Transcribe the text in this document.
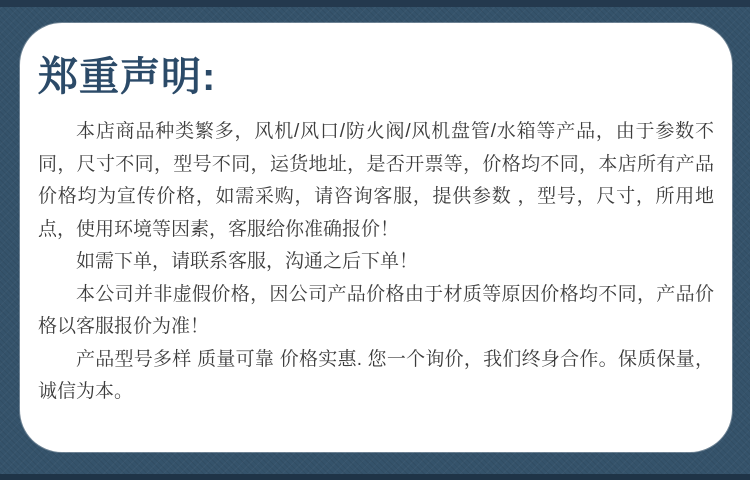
郑重声明:

本店商品种类繁多，风机/风口/防火阀/风机盘管/水箱等产品，由于参数不同，尺寸不同，型号不同，运货地址，是否开票等，价格均不同，本店所有产品价格均为宣传价格，如需采购，请咨询客服，提供参数 ，型号，尺寸，所用地点，使用环境等因素，客服给你准确报价！

如需下单，请联系客服，沟通之后下单！

本公司并非虚假价格，因公司产品价格由于材质等原因价格均不同，产品价格以客服报价为准！

产品型号多样 质量可靠 价格实惠. 您一个询价，我们终身合作。保质保量，诚信为本。
